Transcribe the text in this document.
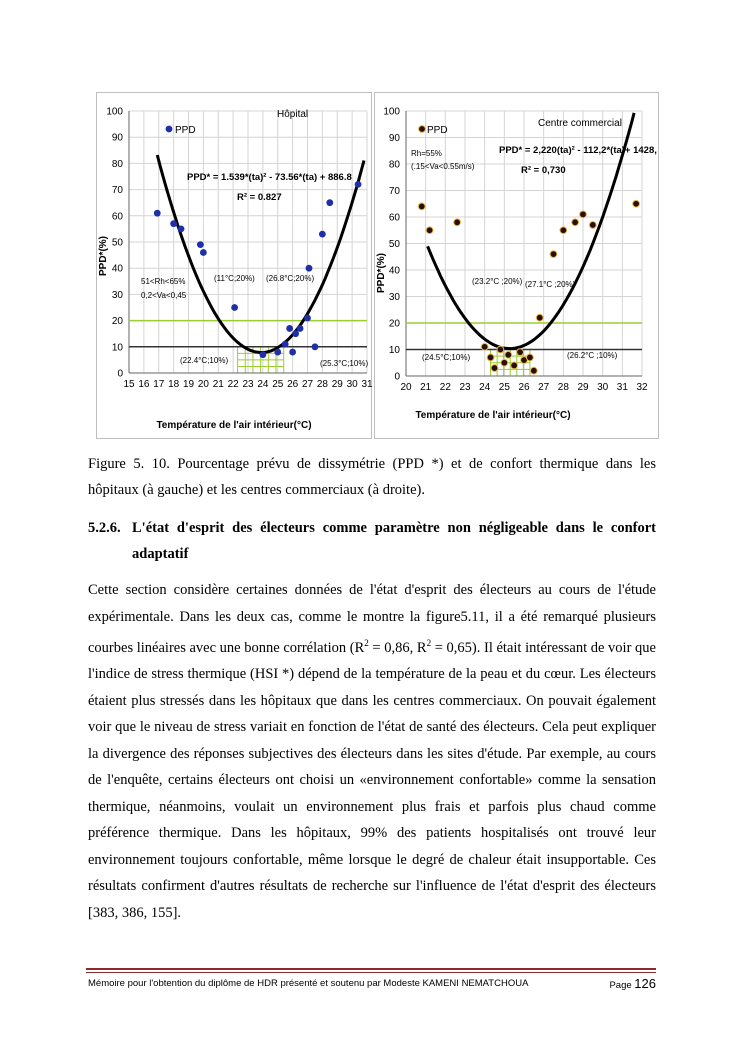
Hôpital
PPD
PPD* = 1.539*(ta)² - 73.56*(ta) + 886.8
R² = 0.827
51<Rh<65%
0,2<Va<0,45
(11°C;20%) (26.8°C;20%)
(22.4°C;10%)	(25.3°C;10%)
Température de l'air intérieur(°C)
PPD*(%)
15 16 17 18 19 20 21 22 23 24 25 26 27 28 29 30 31
0
10
20
30
40
50
60
70
80
90
100
Centre commercial
PPD
PPD* = 2,220(ta)² - 112,2*(ta)+ 1428,
R² = 0,730
Rh=55%
(.15<Va<0.55m/s)
(23.2°C ;20%) (27.1°C ;20%)
(24.5°C;10%)	(26.2°C ;10%)
Température de l'air intérieur(°C)
PPD*(%)
20 21 22 23 24 25 26 27 28 29 30 31 32
0
10
20
30
40
50
60
70
80
90
100
Figure 5. 10. Pourcentage prévu de dissymétrie (PPD *) et de confort thermique dans les hôpitaux (à gauche) et les centres commerciaux (à droite).
5.2.6. L'état d'esprit des électeurs comme paramètre non négligeable dans le confort adaptatif
Cette section considère certaines données de l'état d'esprit des électeurs au cours de l'étude expérimentale. Dans les deux cas, comme le montre la figure5.11, il a été remarqué plusieurs courbes linéaires avec une bonne corrélation ($R^2 = 0,86$, $R^2 = 0,65$). Il était intéressant de voir que l'indice de stress thermique (HSI *) dépend de la température de la peau et du cœur. Les électeurs étaient plus stressés dans les hôpitaux que dans les centres commerciaux. On pouvait également voir que le niveau de stress variait en fonction de l'état de santé des électeurs. Cela peut expliquer la divergence des réponses subjectives des électeurs dans les sites d'étude. Par exemple, au cours de l'enquête, certains électeurs ont choisi un «environnement confortable» comme la sensation thermique, néanmoins, voulait un environnement plus frais et parfois plus chaud comme préférence thermique. Dans les hôpitaux, 99% des patients hospitalisés ont trouvé leur environnement toujours confortable, même lorsque le degré de chaleur était insupportable. Ces résultats confirment d'autres résultats de recherche sur l'influence de l'état d'esprit des électeurs [383, 386, 155].
Mémoire pour l'obtention du diplôme de HDR présenté et soutenu par Modeste KAMENI NEMATCHOUA	Page 126
